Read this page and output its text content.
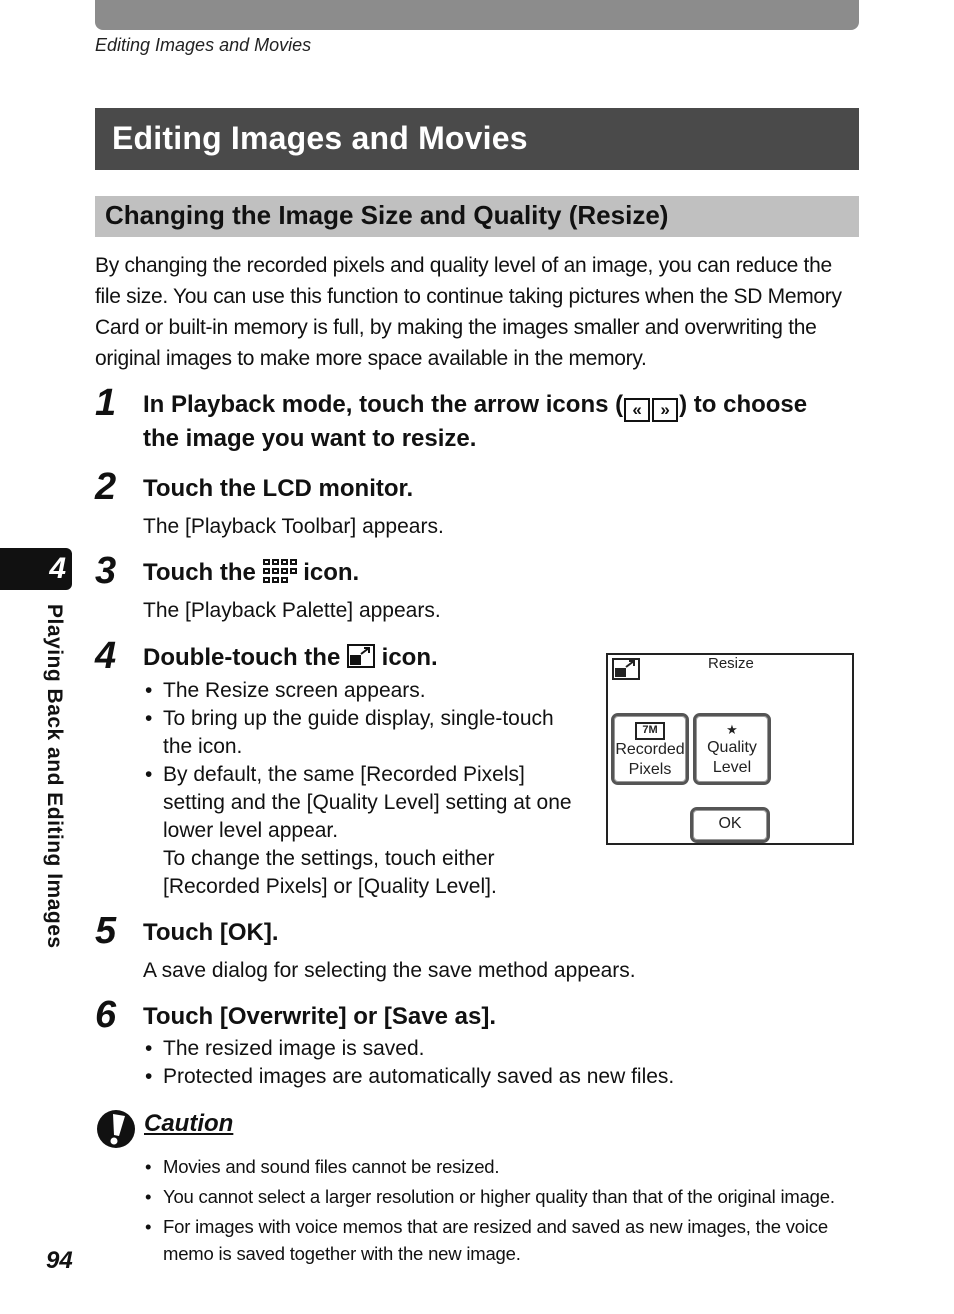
Editing Images and Movies
Editing Images and Movies
Changing the Image Size and Quality (Resize)
By changing the recorded pixels and quality level of an image, you can reduce the file size. You can use this function to continue taking pictures when the SD Memory Card or built-in memory is full, by making the images smaller and overwriting the original images to make more space available in the memory.
4
Playing Back and Editing Images
1 In Playback mode, touch the arrow icons ( « » ) to choose the image you want to resize.
2 Touch the LCD monitor.
The [Playback Toolbar] appears.
3 Touch the  icon.
The [Playback Palette] appears.
4 Double-touch the  icon.
• The Resize screen appears.
• To bring up the guide display, single-touch the icon.
• By default, the same [Recorded Pixels] setting and the [Quality Level] setting at one lower level appear.
To change the settings, touch either [Recorded Pixels] or [Quality Level].
Resize
7M
Recorded
Pixels
★
Quality
Level
OK
5 Touch [OK].
A save dialog for selecting the save method appears.
6 Touch [Overwrite] or [Save as].
• The resized image is saved.
• Protected images are automatically saved as new files.
Caution
• Movies and sound files cannot be resized.
• You cannot select a larger resolution or higher quality than that of the original image.
• For images with voice memos that are resized and saved as new images, the voice memo is saved together with the new image.
94
